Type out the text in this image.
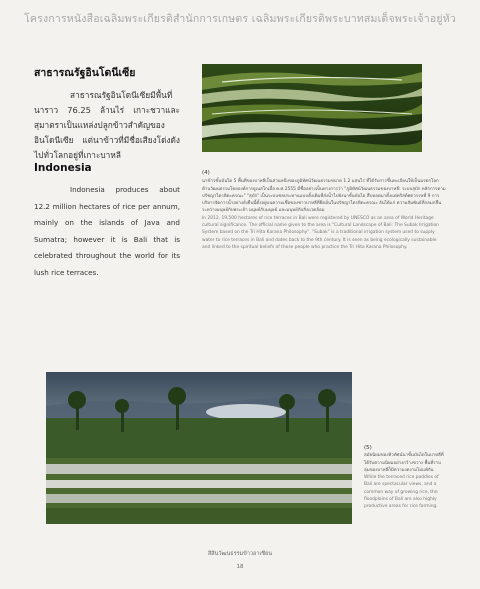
โครงการหนังสือเฉลิมพระเกียรติสำนักการเกษตร เฉลิมพระเกียรติพระบาทสมเด็จพระเจ้าอยู่หัว
สาธารณรัฐอินโดนีเซีย
สาธารณรัฐอินโดนีเซียมีพื้นที่นาราว 76.25 ล้านไร่ เกาะชวาและสุมาตราเป็นแหล่งปลูกข้าวสำคัญของอินโดนีเซีย แต่นาข้าวที่มีชื่อเสียงโด่งดังไปทั่วโลกอยู่ที่เกาะบาหลี
Indonesia
Indonesia produces about 12.2 million hectares of rice per annum, mainly on the islands of Java and Sumatra; however it is Bali that is celebrated throughout the world for its lush rice terraces.
(4)
นาข้าวขั้นบันได 5 พื้นที่ของบาหลีเป็นส่วนหนึ่งของภูมิทัศน์วัฒนธรรมขนาด 1.2 แสนไร่ ที่ได้รับการขึ้นทะเบียนให้เป็นมรดกโลกด้านวัฒนธรรมโดยองค์การยูเนสโกเมื่อ ค.ศ.2555 มีชื่ออย่างเป็นทางการว่า "ภูมิทัศน์วัฒนธรรมของบาหลี: ระบบสุบัก หลักการตามปรัชญาไตรหิตะครณะ" "สุบัก" เป็นระบบชลประทานแบบดั้งเดิมที่ส่งน้ำไปยังนาขั้นบันได สืบทอดมาตั้งแต่คริสต์ศตวรรษที่ 9 การบริหารจัดการน้ำอย่างยั่งยืนนี้ตั้งอยู่บนความเชื่อของชาวบาหลีที่ยึดมั่นในปรัชญาไตรหิตะครณะ อันได้แก่ ความสัมพันธ์ที่กลมกลืนระหว่างมนุษย์กับพระเจ้า มนุษย์กับมนุษย์ และมนุษย์กับสิ่งแวดล้อม
In 2012, 19,500 hectares of rice terraces in Bali were registered by UNESCO as an area of World Heritage cultural significance. The official name given to the area is "Cultural Landscape of Bali: The Subak Irrigation System based on the Tri Hita Karana Philosophy". "Subak" is a traditional irrigation system used to supply water to rice terraces in Bali and dates back to the 9th century. It is seen as being ecologically sustainable and linked to the spiritual beliefs of those people who practice the Tri Hita Karana Philosophy.
(5)
สมัยนิยมของทิวทัศน์นาขั้นบันไดในบาหลีที่ได้รับความนิยมอย่างกว้างขวาง พื้นที่ราบลุ่มของบาหลีก็มีความงดงามไม่แพ้กัน
While the terraced rice paddies of Bali are spectacular views, and a common way of growing rice, the floodplains of Bali are also highly productive areas for rice farming.
สิสินวัฒนธรรมข้าวอาเซียน
18
